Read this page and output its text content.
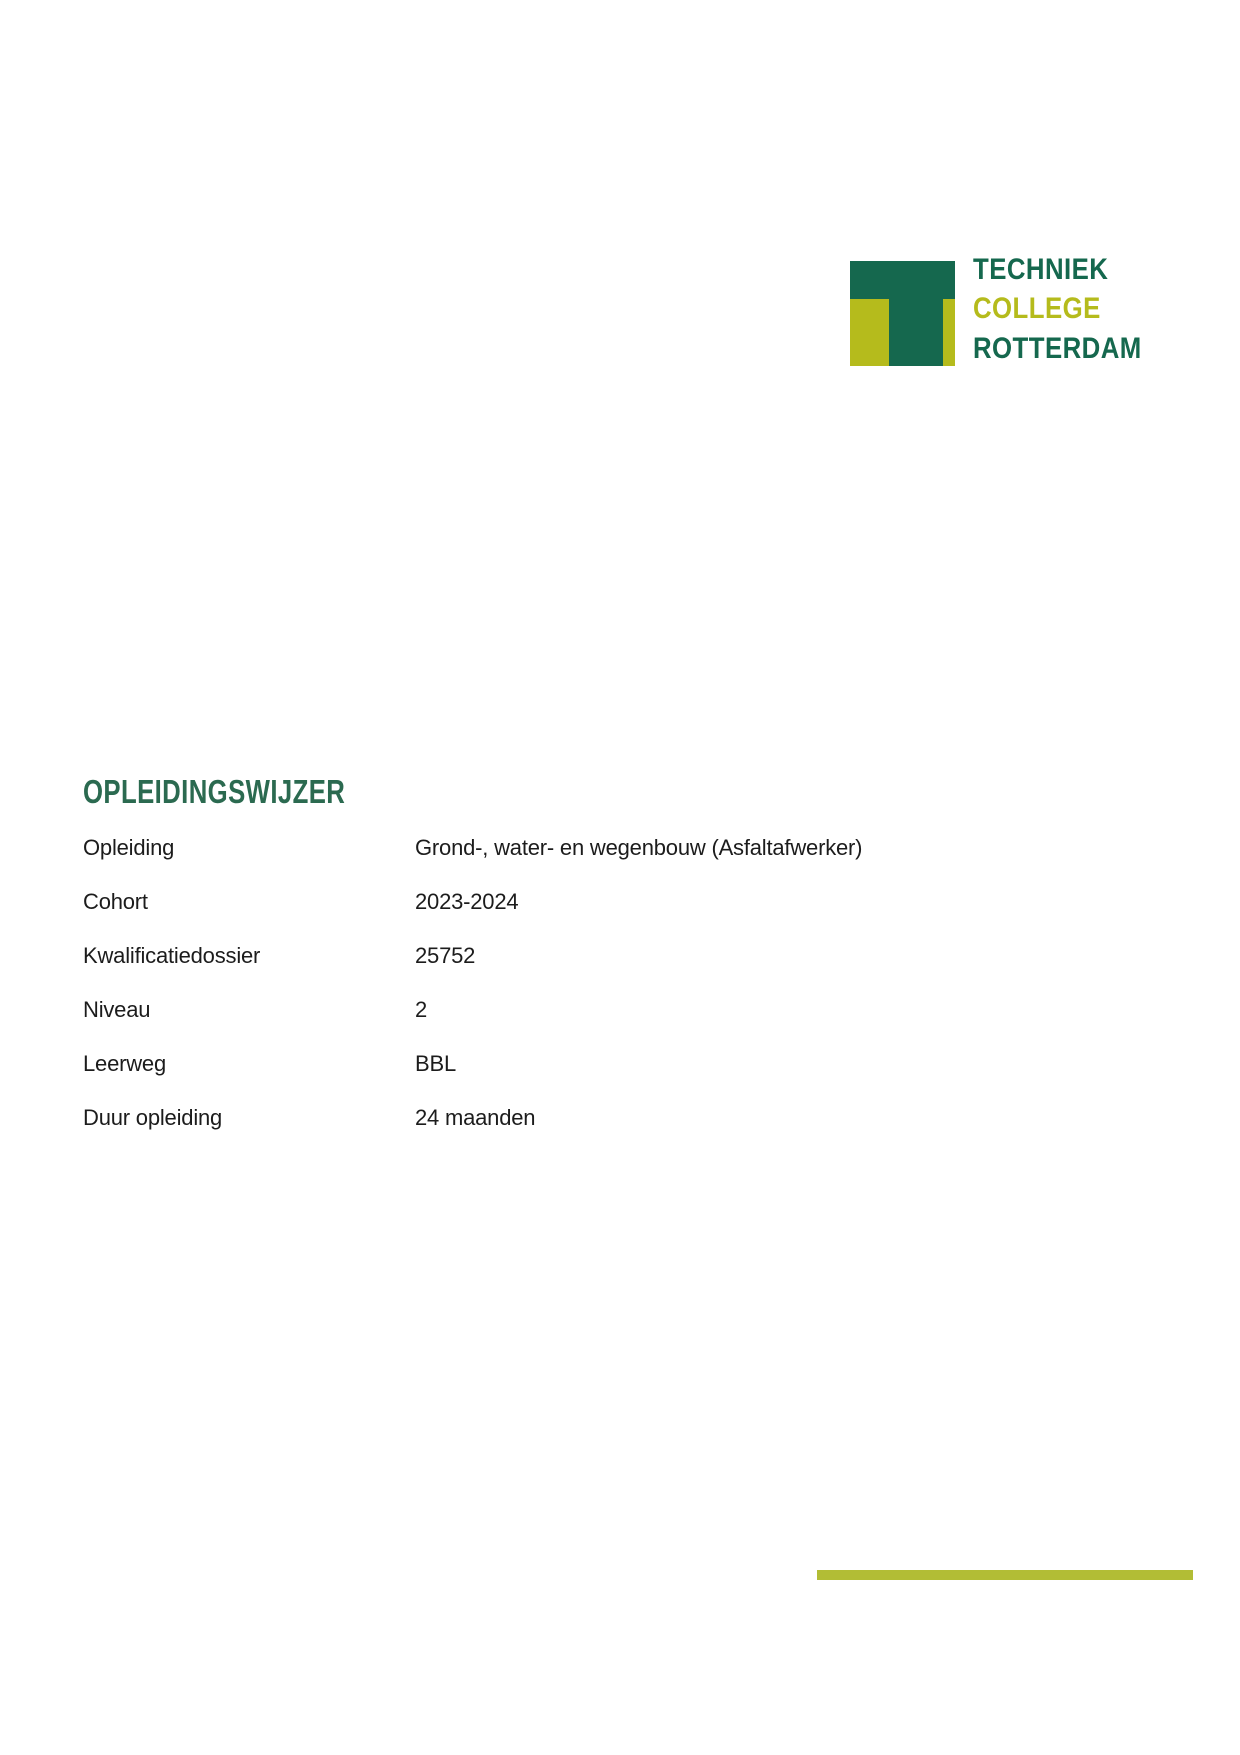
TECHNIEK
COLLEGE
ROTTERDAM
OPLEIDINGSWIJZER
Opleiding	Grond-, water- en wegenbouw (Asfaltafwerker)
Cohort	2023-2024
Kwalificatiedossier	25752
Niveau	2
Leerweg	BBL
Duur opleiding	24 maanden
